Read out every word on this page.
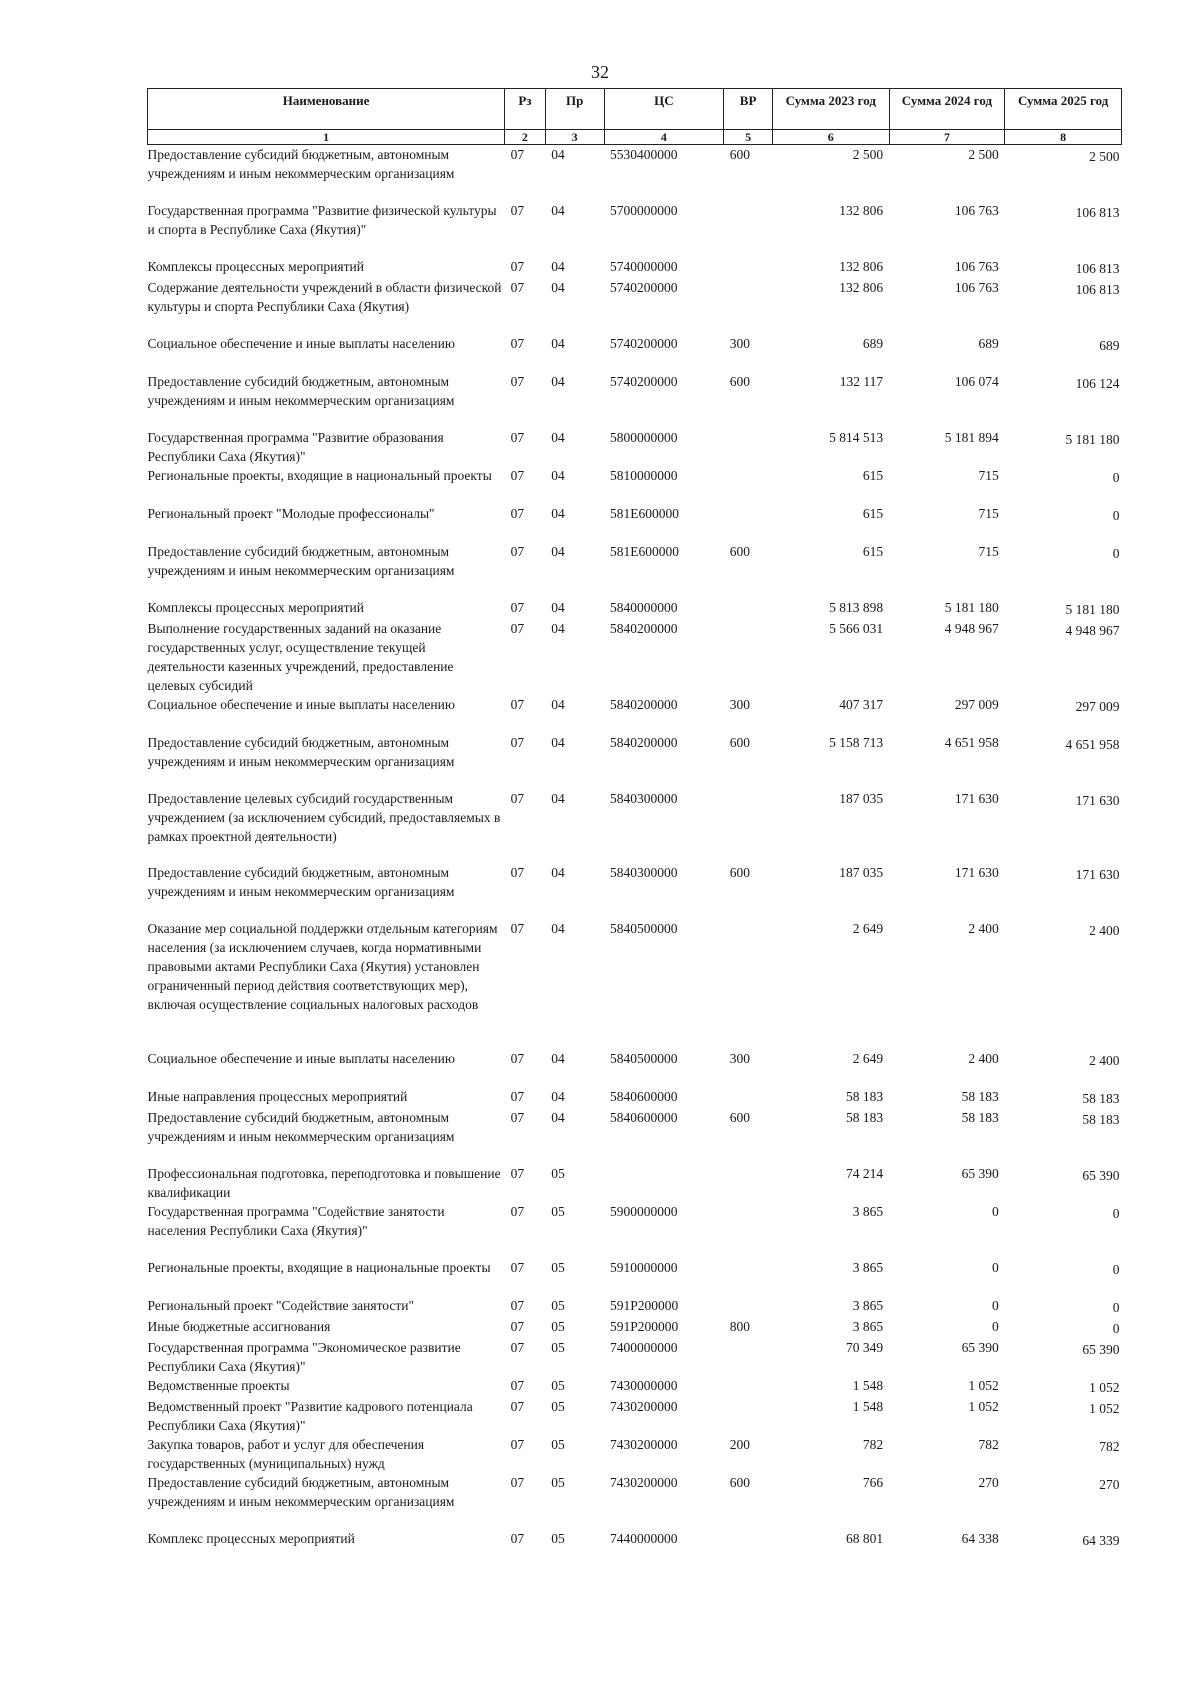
32
Наименование	Рз	Пр	ЦС	ВР	Сумма 2023 год	Сумма 2024 год	Сумма 2025 год
1	2	3	4	5	6	7	8
Предоставление субсидий бюджетным, автономным учреждениям и иным некоммерческим организациям	07	04	5530400000	600	2 500	2 500	2 500
Государственная программа "Развитие физической культуры и спорта в Республике Саха (Якутия)"	07	04	5700000000		132 806	106 763	106 813
Комплексы процессных мероприятий	07	04	5740000000		132 806	106 763	106 813
Содержание деятельности учреждений в области физической культуры и спорта Республики Саха (Якутия)	07	04	5740200000		132 806	106 763	106 813
Социальное обеспечение и иные выплаты населению	07	04	5740200000	300	689	689	689
Предоставление субсидий бюджетным, автономным учреждениям и иным некоммерческим организациям	07	04	5740200000	600	132 117	106 074	106 124
Государственная программа "Развитие образования Республики Саха (Якутия)"	07	04	5800000000		5 814 513	5 181 894	5 181 180
Региональные проекты, входящие в национальный проекты	07	04	5810000000		615	715	0
Региональный проект "Молодые профессионалы"	07	04	581Е600000		615	715	0
Предоставление субсидий бюджетным, автономным учреждениям и иным некоммерческим организациям	07	04	581Е600000	600	615	715	0
Комплексы процессных мероприятий	07	04	5840000000		5 813 898	5 181 180	5 181 180
Выполнение государственных заданий на оказание государственных услуг, осуществление текущей деятельности казенных учреждений, предоставление целевых субсидий	07	04	5840200000		5 566 031	4 948 967	4 948 967
Социальное обеспечение и иные выплаты населению	07	04	5840200000	300	407 317	297 009	297 009
Предоставление субсидий бюджетным, автономным учреждениям и иным некоммерческим организациям	07	04	5840200000	600	5 158 713	4 651 958	4 651 958
Предоставление целевых субсидий государственным учреждением (за исключением субсидий, предоставляемых в рамках проектной деятельности)	07	04	5840300000		187 035	171 630	171 630
Предоставление субсидий бюджетным, автономным учреждениям и иным некоммерческим организациям	07	04	5840300000	600	187 035	171 630	171 630
Оказание мер социальной поддержки отдельным категориям населения (за исключением случаев, когда нормативными правовыми актами Республики Саха (Якутия) установлен ограниченный период действия соответствующих мер), включая осуществление социальных налоговых расходов	07	04	5840500000		2 649	2 400	2 400
Социальное обеспечение и иные выплаты населению	07	04	5840500000	300	2 649	2 400	2 400
Иные направления процессных мероприятий	07	04	5840600000		58 183	58 183	58 183
Предоставление субсидий бюджетным, автономным учреждениям и иным некоммерческим организациям	07	04	5840600000	600	58 183	58 183	58 183
Профессиональная подготовка, переподготовка и повышение квалификации	07	05			74 214	65 390	65 390
Государственная программа "Содействие занятости населения Республики Саха (Якутия)"	07	05	5900000000		3 865	0	0
Региональные проекты, входящие в национальные проекты	07	05	5910000000		3 865	0	0
Региональный проект "Содействие занятости"	07	05	591Р200000		3 865	0	0
Иные бюджетные ассигнования	07	05	591Р200000	800	3 865	0	0
Государственная программа "Экономическое развитие Республики Саха (Якутия)"	07	05	7400000000		70 349	65 390	65 390
Ведомственные проекты	07	05	7430000000		1 548	1 052	1 052
Ведомственный проект "Развитие кадрового потенциала Республики Саха (Якутия)"	07	05	7430200000		1 548	1 052	1 052
Закупка товаров, работ и услуг для обеспечения государственных (муниципальных) нужд	07	05	7430200000	200	782	782	782
Предоставление субсидий бюджетным, автономным учреждениям и иным некоммерческим организациям	07	05	7430200000	600	766	270	270
Комплекс процессных мероприятий	07	05	7440000000		68 801	64 338	64 339
